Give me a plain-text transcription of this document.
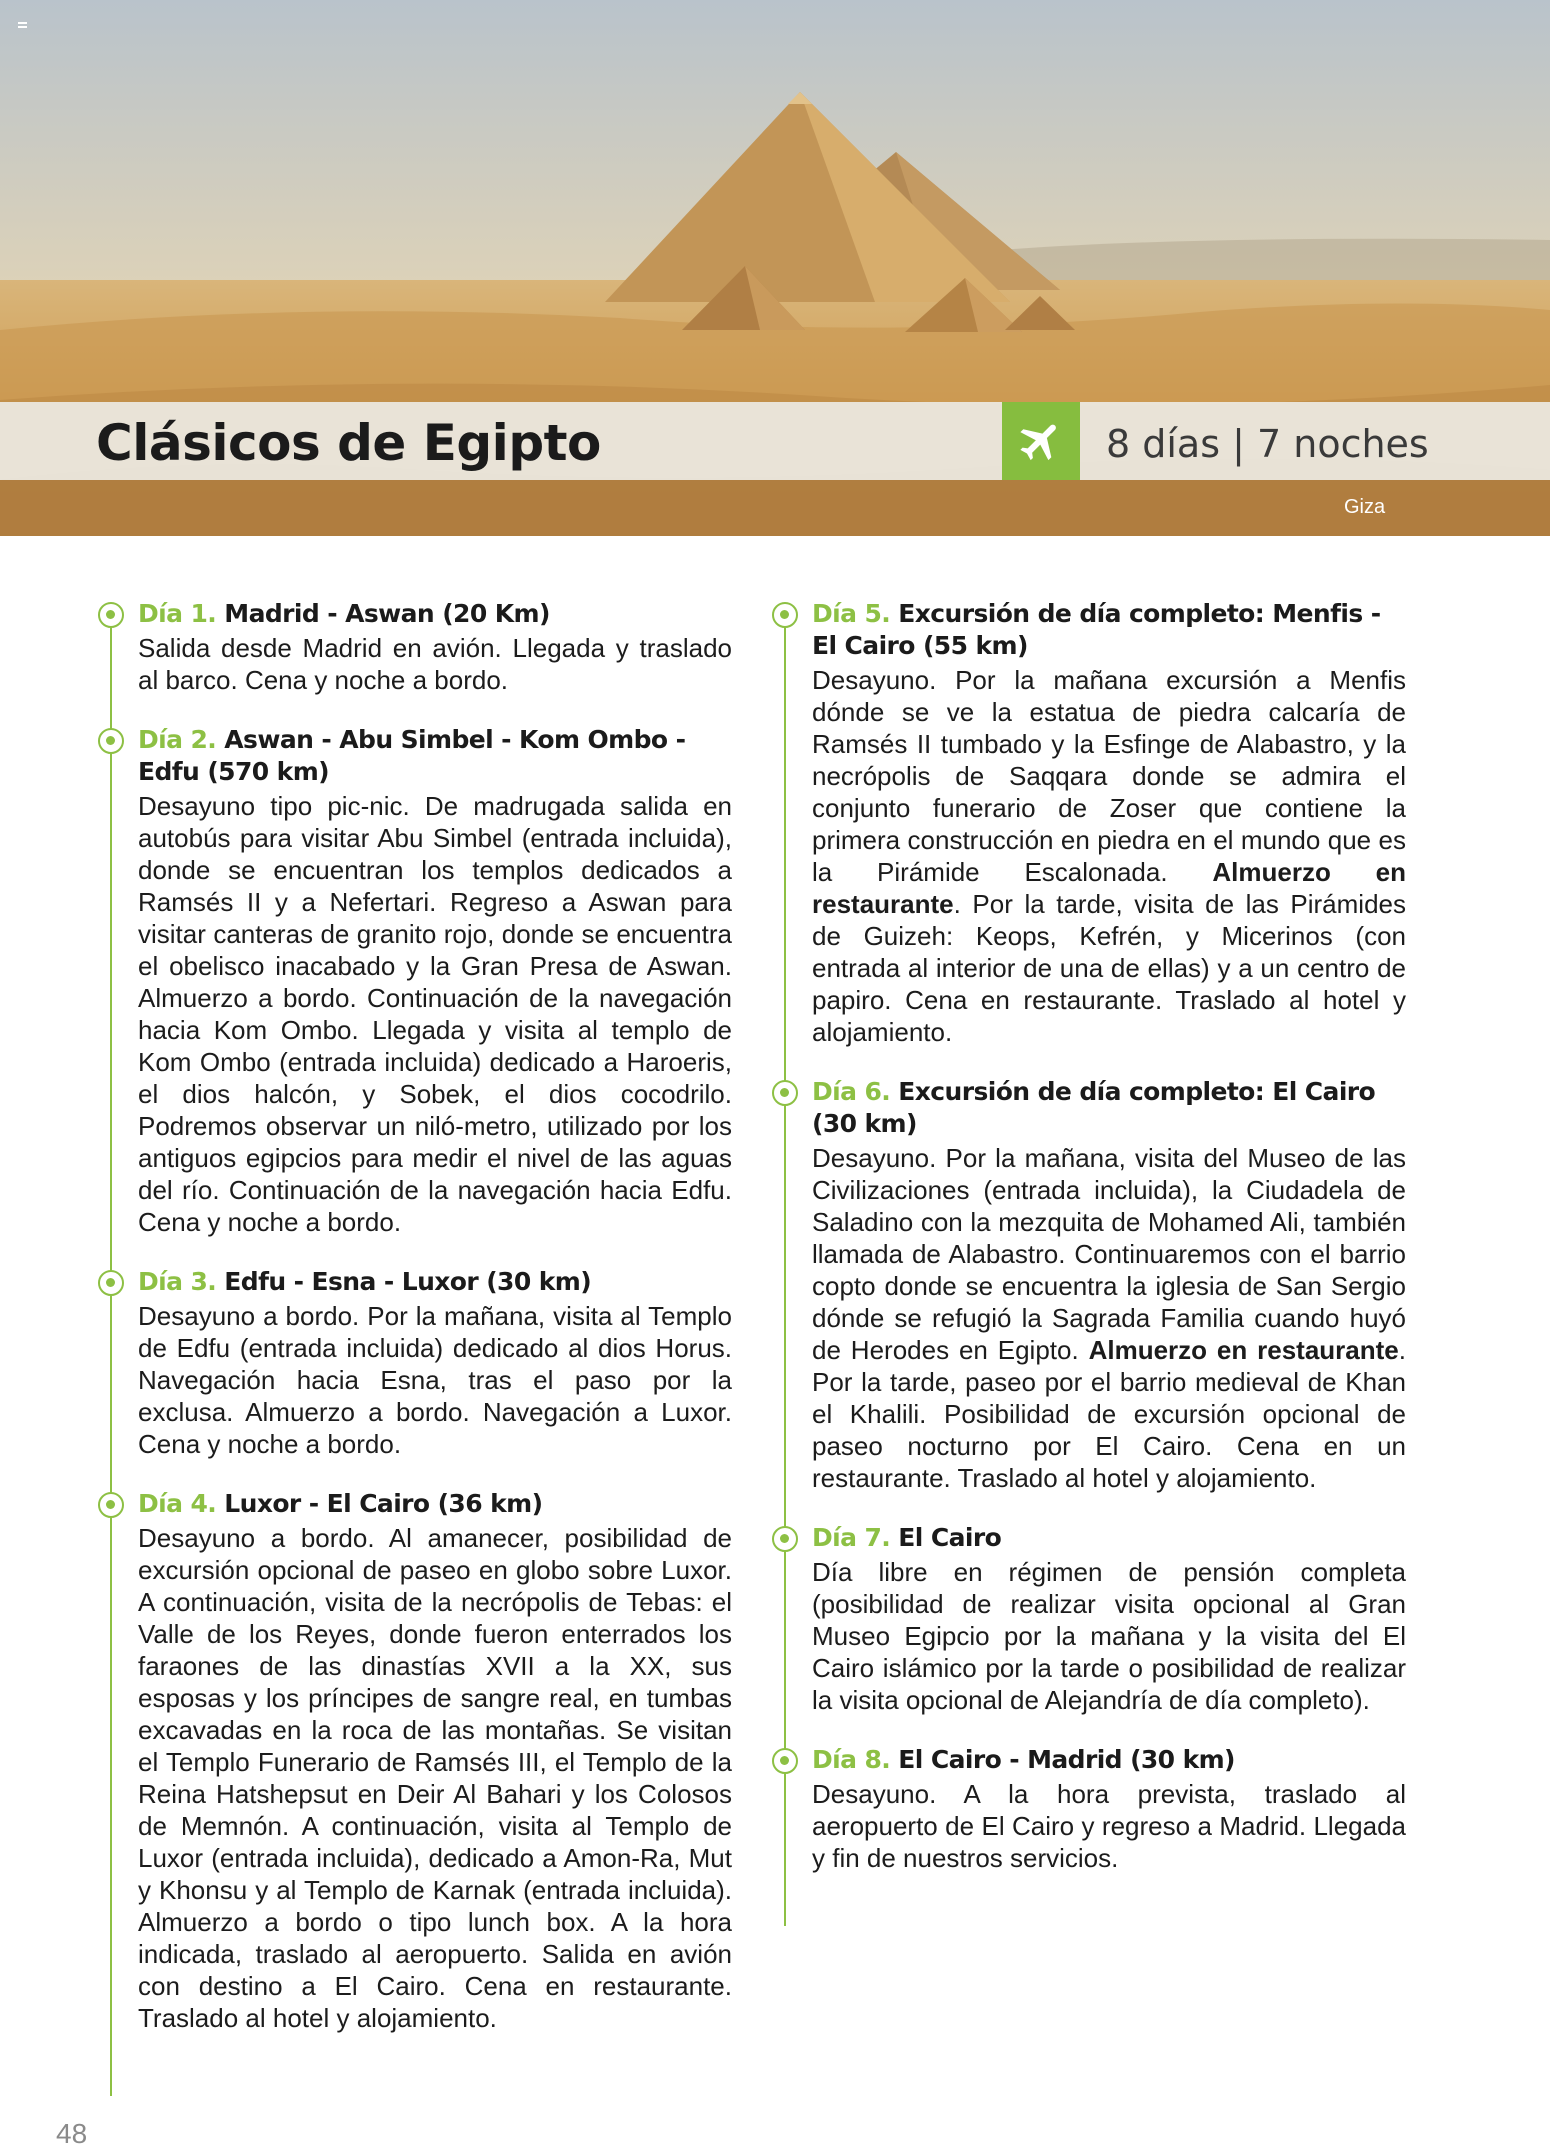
Clásicos de Egipto	8 días | 7 noches
Giza
Día 1. Madrid - Aswan (20 Km)
Salida desde Madrid en avión. Llegada y traslado al barco. Cena y noche a bordo.
Día 2. Aswan - Abu Simbel - Kom Ombo - Edfu (570 km)
Desayuno tipo pic-nic. De madrugada salida en autobús para visitar Abu Simbel (entrada incluida), donde se encuentran los templos dedicados a Ramsés II y a Nefertari. Regreso a Aswan para visitar canteras de granito rojo, donde se encuentra el obelisco inacabado y la Gran Presa de Aswan. Almuerzo a bordo. Continuación de la navegación hacia Kom Ombo. Llegada y visita al templo de Kom Ombo (entrada incluida) dedicado a Haroeris, el dios halcón, y Sobek, el dios cocodrilo. Podremos observar un niló-metro, utilizado por los antiguos egipcios para medir el nivel de las aguas del río. Continuación de la navegación hacia Edfu. Cena y noche a bordo.
Día 3. Edfu - Esna - Luxor (30 km)
Desayuno a bordo. Por la mañana, visita al Templo de Edfu (entrada incluida) dedicado al dios Horus. Navegación hacia Esna, tras el paso por la exclusa. Almuerzo a bordo. Navegación a Luxor. Cena y noche a bordo.
Día 4. Luxor - El Cairo (36 km)
Desayuno a bordo. Al amanecer, posibilidad de excursión opcional de paseo en globo sobre Luxor. A continuación, visita de la necrópolis de Tebas: el Valle de los Reyes, donde fueron enterrados los faraones de las dinastías XVII a la XX, sus esposas y los príncipes de sangre real, en tumbas excavadas en la roca de las montañas. Se visitan el Templo Funerario de Ramsés III, el Templo de la Reina Hatshepsut en Deir Al Bahari y los Colosos de Memnón. A continuación, visita al Templo de Luxor (entrada incluida), dedicado a Amon-Ra, Mut y Khonsu y al Templo de Karnak (entrada incluida). Almuerzo a bordo o tipo lunch box. A la hora indicada, traslado al aeropuerto. Salida en avión con destino a El Cairo. Cena en restaurante. Traslado al hotel y alojamiento.
Día 5. Excursión de día completo: Menfis - El Cairo (55 km)
Desayuno. Por la mañana excursión a Menfis dónde se ve la estatua de piedra calcaría de Ramsés II tumbado y la Esfinge de Alabastro, y la necrópolis de Saqqara donde se admira el conjunto funerario de Zoser que contiene la primera construcción en piedra en el mundo que es la Pirámide Escalonada. Almuerzo en restaurante. Por la tarde, visita de las Pirámides de Guizeh: Keops, Kefrén, y Micerinos (con entrada al interior de una de ellas) y a un centro de papiro. Cena en restaurante. Traslado al hotel y alojamiento.
Día 6. Excursión de día completo: El Cairo (30 km)
Desayuno. Por la mañana, visita del Museo de las Civilizaciones (entrada incluida), la Ciudadela de Saladino con la mezquita de Mohamed Ali, también llamada de Alabastro. Continuaremos con el barrio copto donde se encuentra la iglesia de San Sergio dónde se refugió la Sagrada Familia cuando huyó de Herodes en Egipto. Almuerzo en restaurante. Por la tarde, paseo por el barrio medieval de Khan el Khalili. Posibilidad de excursión opcional de paseo nocturno por El Cairo. Cena en un restaurante. Traslado al hotel y alojamiento.
Día 7. El Cairo
Día libre en régimen de pensión completa (posibilidad de realizar visita opcional al Gran Museo Egipcio por la mañana y la visita del El Cairo islámico por la tarde o posibilidad de realizar la visita opcional de Alejandría de día completo).
Día 8. El Cairo - Madrid (30 km)
Desayuno. A la hora prevista, traslado al aeropuerto de El Cairo y regreso a Madrid. Llegada y fin de nuestros servicios.
48
